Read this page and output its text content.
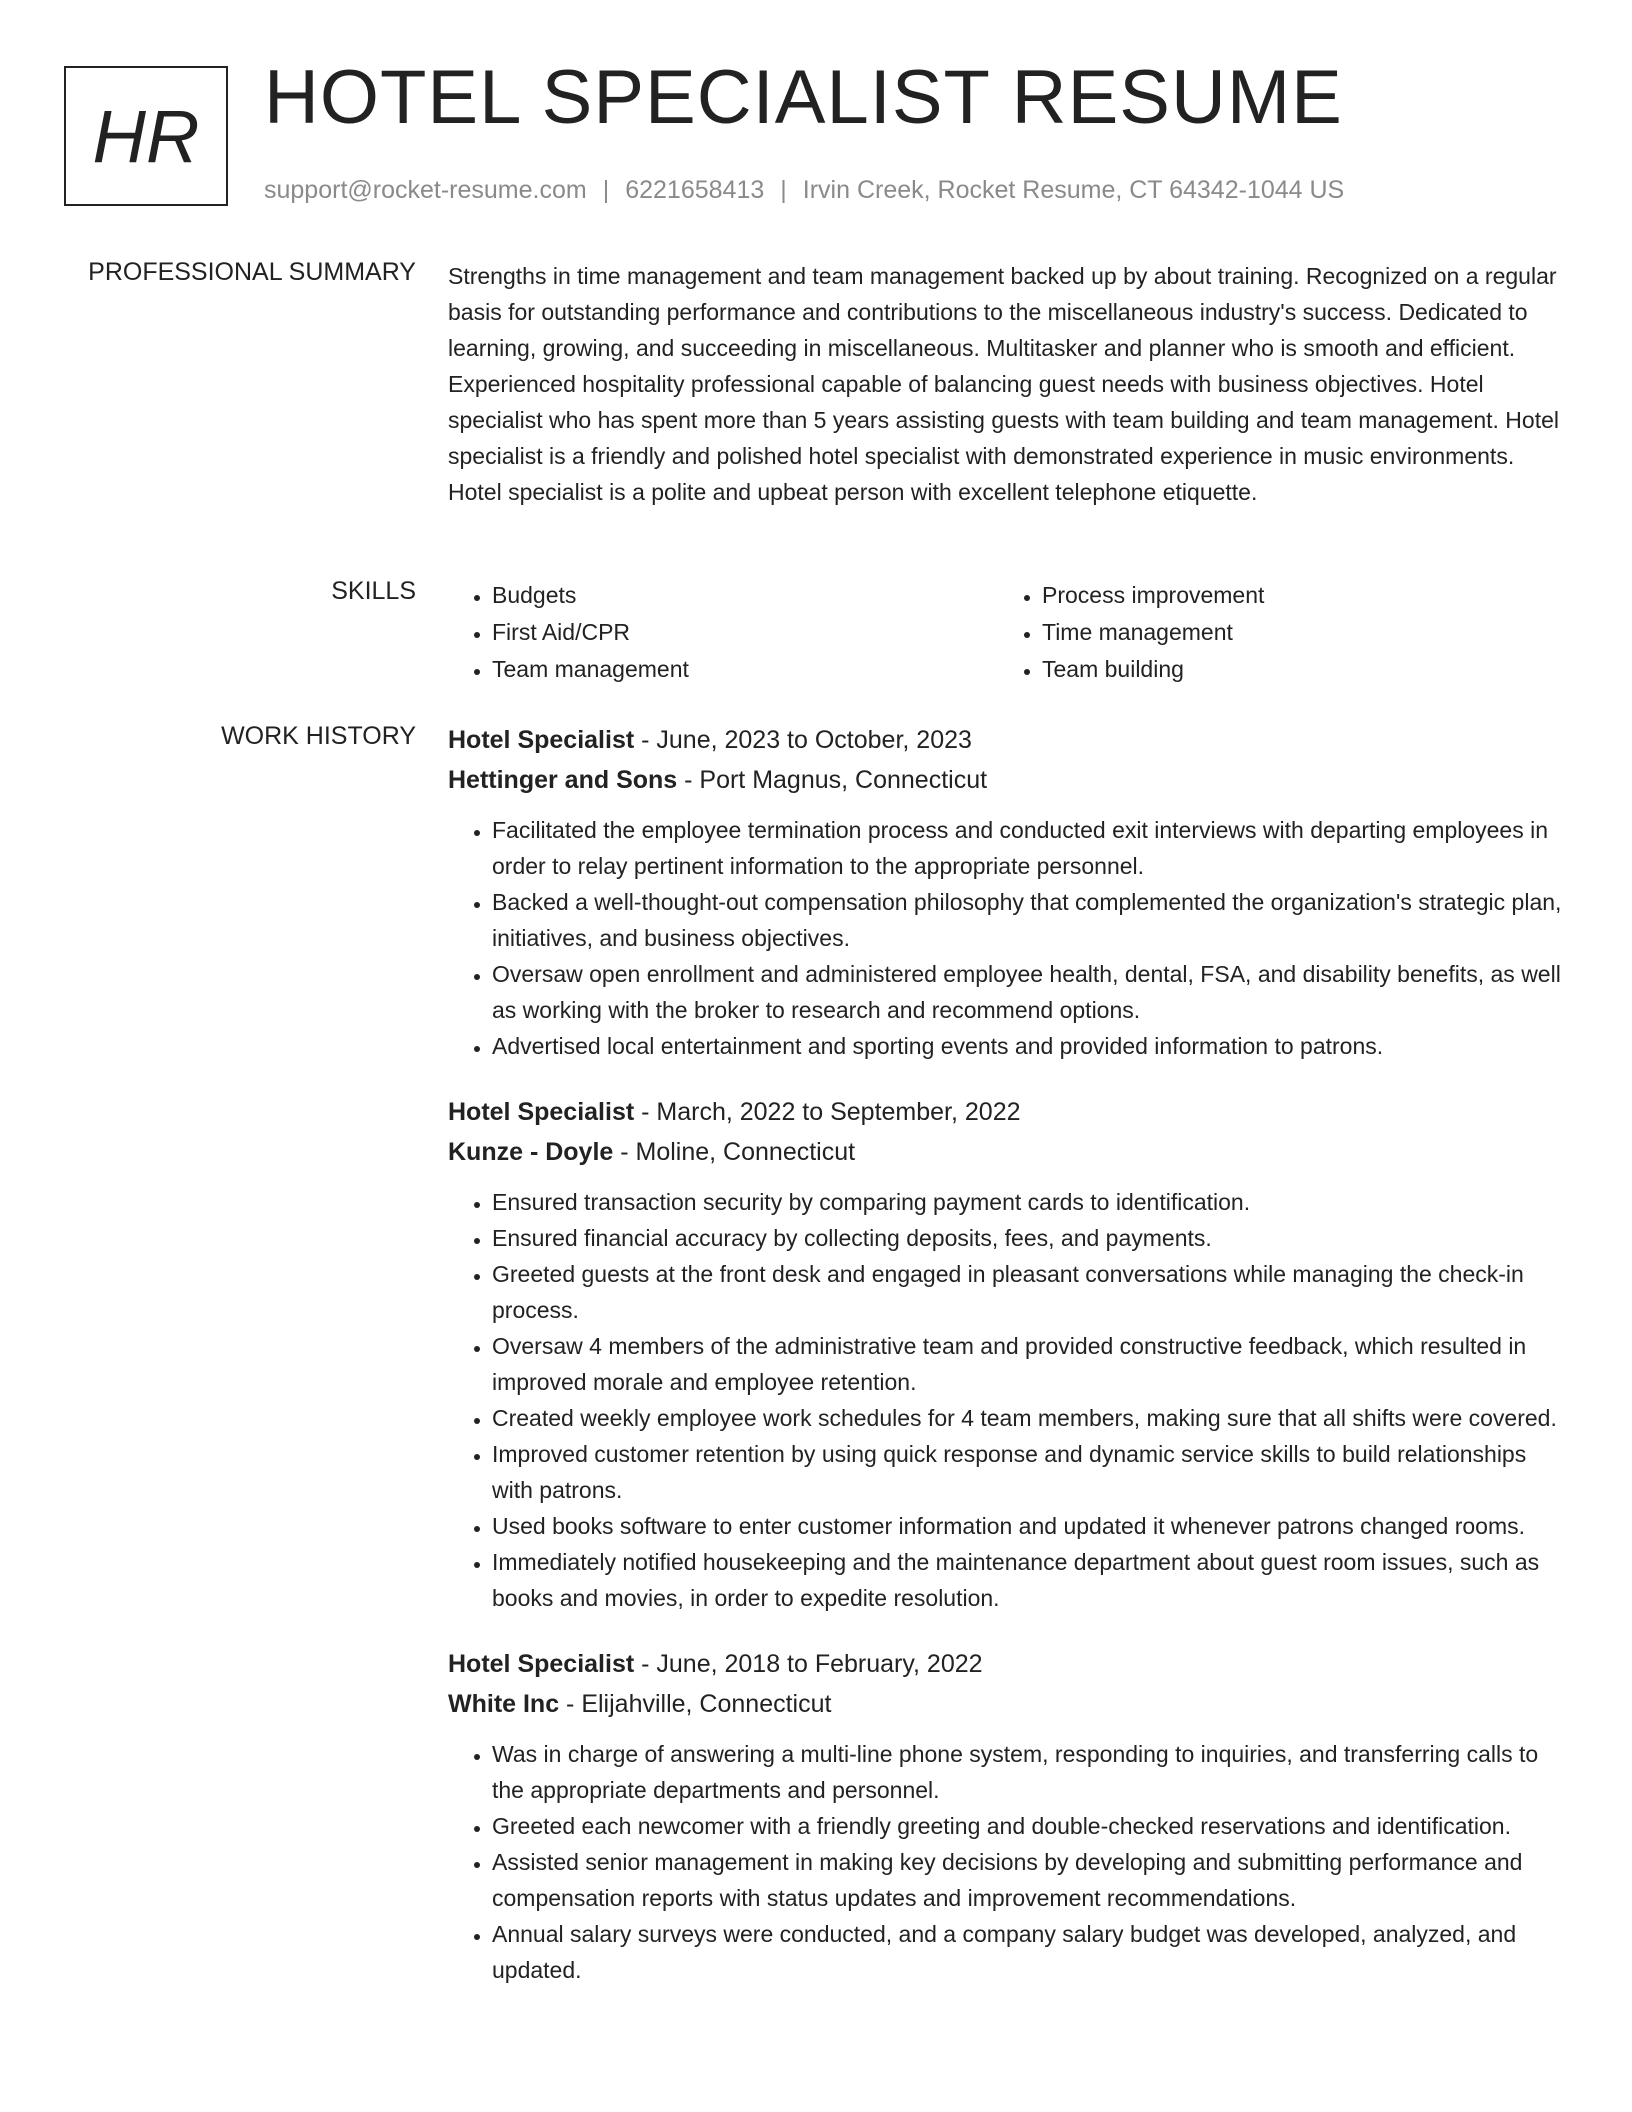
HR HOTEL SPECIALIST RESUME
support@rocket-resume.com | 6221658413 | Irvin Creek, Rocket Resume, CT 64342-1044 US
PROFESSIONAL SUMMARY Strengths in time management and team management backed up by about training. Recognized on a regular basis for outstanding performance and contributions to the miscellaneous industry's success. Dedicated to learning, growing, and succeeding in miscellaneous. Multitasker and planner who is smooth and efficient. Experienced hospitality professional capable of balancing guest needs with business objectives. Hotel specialist who has spent more than 5 years assisting guests with team building and team management. Hotel specialist is a friendly and polished hotel specialist with demonstrated experience in music environments. Hotel specialist is a polite and upbeat person with excellent telephone etiquette.

SKILLS
•	Budgets
• First Aid/CPR
• Team management
• Process improvement
• Time management
• Team building
WORK HISTORY Hotel Specialist - June, 2023 to October, 2023
Hettinger and Sons - Port Magnus, Connecticut
• Facilitated the employee termination process and conducted exit interviews with departing employees in order to relay pertinent information to the appropriate personnel.
• Backed a well-thought-out compensation philosophy that complemented the organization's strategic plan, initiatives, and business objectives.
• Oversaw open enrollment and administered employee health, dental, FSA, and disability benefits, as well as working with the broker to research and recommend options.
• Advertised local entertainment and sporting events and provided information to patrons.
Hotel Specialist - March, 2022 to September, 2022
Kunze - Doyle - Moline, Connecticut
• Ensured transaction security by comparing payment cards to identification.
• Ensured financial accuracy by collecting deposits, fees, and payments.
• Greeted guests at the front desk and engaged in pleasant conversations while managing the check-in process.
• Oversaw 4 members of the administrative team and provided constructive feedback, which resulted in improved morale and employee retention.
• Created weekly employee work schedules for 4 team members, making sure that all shifts were covered.
• Improved customer retention by using quick response and dynamic service skills to build relationships with patrons.
• Used books software to enter customer information and updated it whenever patrons changed rooms.
• Immediately notified housekeeping and the maintenance department about guest room issues, such as books and movies, in order to expedite resolution.
Hotel Specialist - June, 2018 to February, 2022
White Inc - Elijahville, Connecticut
• Was in charge of answering a multi-line phone system, responding to inquiries, and transferring calls to the appropriate departments and personnel.
• Greeted each newcomer with a friendly greeting and double-checked reservations and identification.
• Assisted senior management in making key decisions by developing and submitting performance and compensation reports with status updates and improvement recommendations.
• Annual salary surveys were conducted, and a company salary budget was developed, analyzed, and updated.
